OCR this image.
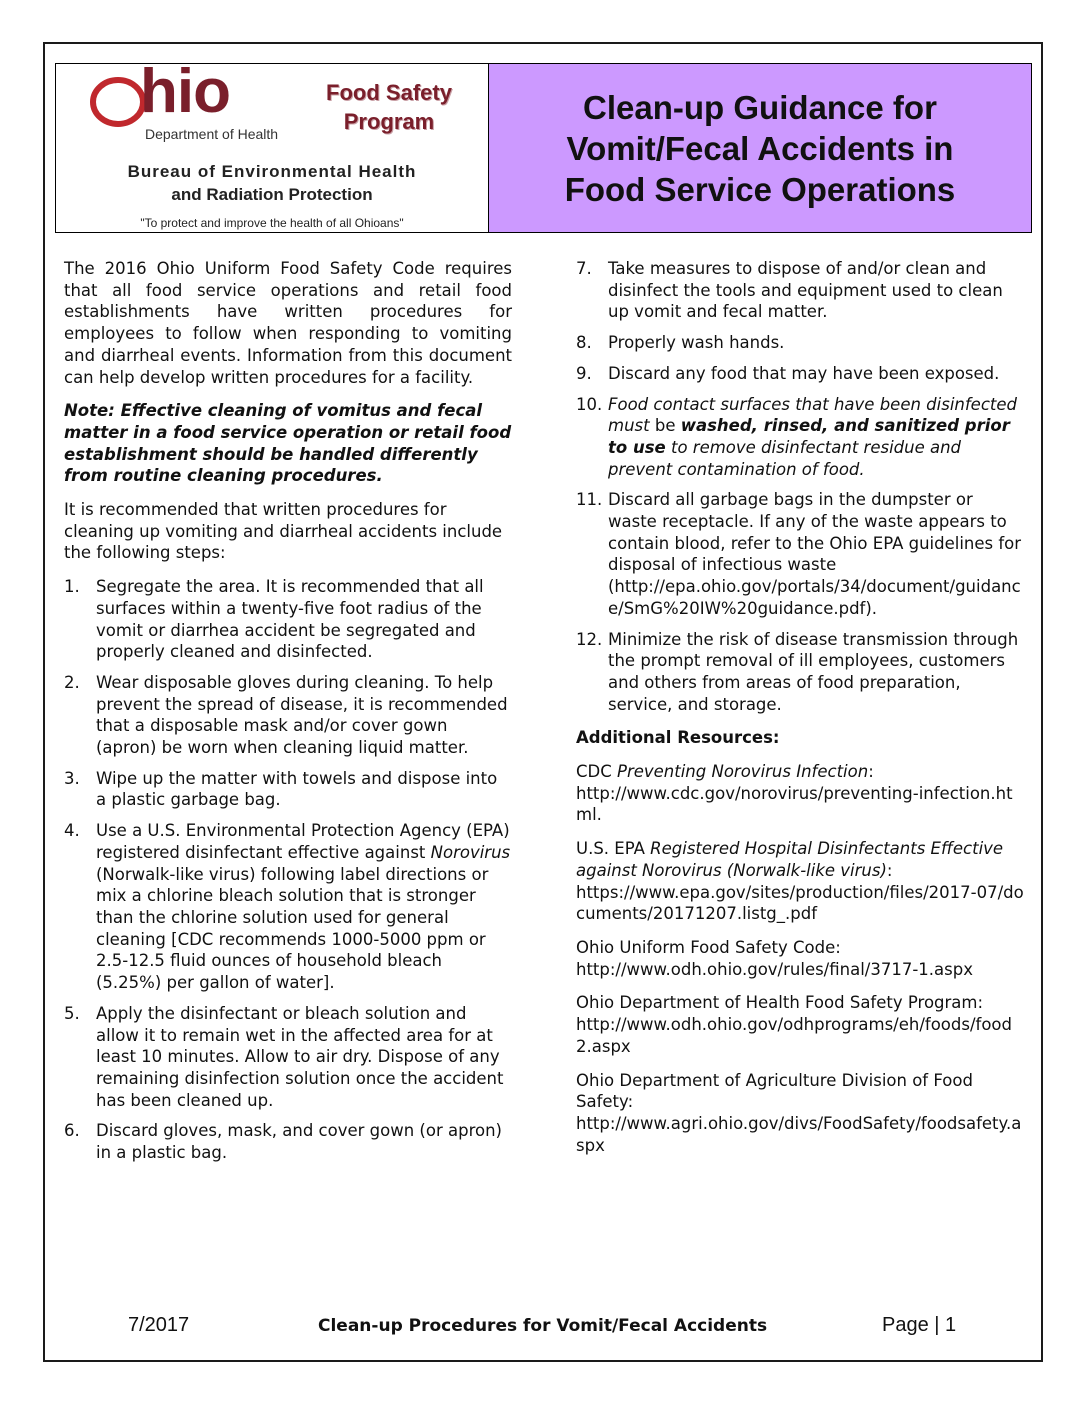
hio
Department of Health
Food Safety
Program
Bureau of Environmental Health
and Radiation Protection
"To protect and improve the health of all Ohioans"
Clean-up Guidance for
Vomit/Fecal Accidents in
Food Service Operations

The 2016 Ohio Uniform Food Safety Code requires that all food service operations and retail food establishments have written procedures for employees to follow when responding to vomiting and diarrheal events. Information from this document can help develop written procedures for a facility.

Note: Effective cleaning of vomitus and fecal matter in a food service operation or retail food establishment should be handled differently from routine cleaning procedures.

It is recommended that written procedures for cleaning up vomiting and diarrheal accidents include the following steps:

1. Segregate the area. It is recommended that all surfaces within a twenty-five foot radius of the vomit or diarrhea accident be segregated and properly cleaned and disinfected.
2. Wear disposable gloves during cleaning. To help prevent the spread of disease, it is recommended that a disposable mask and/or cover gown (apron) be worn when cleaning liquid matter.
3. Wipe up the matter with towels and dispose into a plastic garbage bag.
4. Use a U.S. Environmental Protection Agency (EPA) registered disinfectant effective against Norovirus (Norwalk-like virus) following label directions or mix a chlorine bleach solution that is stronger than the chlorine solution used for general cleaning [CDC recommends 1000-5000 ppm or 2.5-12.5 fluid ounces of household bleach (5.25%) per gallon of water].
5. Apply the disinfectant or bleach solution and allow it to remain wet in the affected area for at least 10 minutes. Allow to air dry. Dispose of any remaining disinfection solution once the accident has been cleaned up.
6. Discard gloves, mask, and cover gown (or apron) in a plastic bag.
7. Take measures to dispose of and/or clean and disinfect the tools and equipment used to clean up vomit and fecal matter.
8. Properly wash hands.
9. Discard any food that may have been exposed.
10. Food contact surfaces that have been disinfected must be washed, rinsed, and sanitized prior to use to remove disinfectant residue and prevent contamination of food.
11. Discard all garbage bags in the dumpster or waste receptacle. If any of the waste appears to contain blood, refer to the Ohio EPA guidelines for disposal of infectious waste (http://epa.ohio.gov/portals/34/document/guidance/SmG%20IW%20guidance.pdf).
12. Minimize the risk of disease transmission through the prompt removal of ill employees, customers and others from areas of food preparation, service, and storage.
Additional Resources:
CDC Preventing Norovirus Infection:
http://www.cdc.gov/norovirus/preventing-infection.html.
U.S. EPA Registered Hospital Disinfectants Effective against Norovirus (Norwalk-like virus):
https://www.epa.gov/sites/production/files/2017-07/documents/20171207.listg_.pdf
Ohio Uniform Food Safety Code:
http://www.odh.ohio.gov/rules/final/3717-1.aspx
Ohio Department of Health Food Safety Program:
http://www.odh.ohio.gov/odhprograms/eh/foods/food2.aspx
Ohio Department of Agriculture Division of Food Safety:
http://www.agri.ohio.gov/divs/FoodSafety/foodsafety.aspx
7/2017	Clean-up Procedures for Vomit/Fecal Accidents	Page | 1
